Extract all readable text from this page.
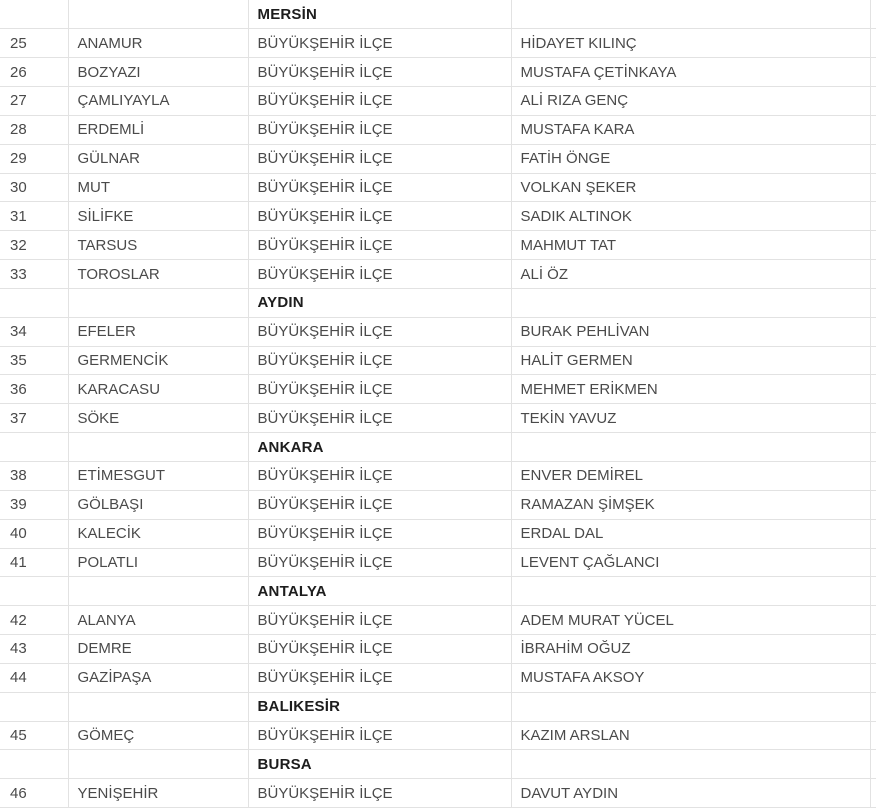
		MERSİN		
25	ANAMUR	BÜYÜKŞEHİR İLÇE	HİDAYET KILINÇ	
26	BOZYAZI	BÜYÜKŞEHİR İLÇE	MUSTAFA ÇETİNKAYA	
27	ÇAMLIYAYLA	BÜYÜKŞEHİR İLÇE	ALİ RIZA GENÇ	
28	ERDEMLİ	BÜYÜKŞEHİR İLÇE	MUSTAFA KARA	
29	GÜLNAR	BÜYÜKŞEHİR İLÇE	FATİH ÖNGE	
30	MUT	BÜYÜKŞEHİR İLÇE	VOLKAN ŞEKER	
31	SİLİFKE	BÜYÜKŞEHİR İLÇE	SADIK ALTINOK	
32	TARSUS	BÜYÜKŞEHİR İLÇE	MAHMUT TAT	
33	TOROSLAR	BÜYÜKŞEHİR İLÇE	ALİ ÖZ	
		AYDIN		
34	EFELER	BÜYÜKŞEHİR İLÇE	BURAK PEHLİVAN	
35	GERMENCİK	BÜYÜKŞEHİR İLÇE	HALİT GERMEN	
36	KARACASU	BÜYÜKŞEHİR İLÇE	MEHMET ERİKMEN	
37	SÖKE	BÜYÜKŞEHİR İLÇE	TEKİN YAVUZ	
		ANKARA		
38	ETİMESGUT	BÜYÜKŞEHİR İLÇE	ENVER DEMİREL	
39	GÖLBAŞI	BÜYÜKŞEHİR İLÇE	RAMAZAN ŞİMŞEK	
40	KALECİK	BÜYÜKŞEHİR İLÇE	ERDAL DAL	
41	POLATLI	BÜYÜKŞEHİR İLÇE	LEVENT ÇAĞLANCI	
		ANTALYA		
42	ALANYA	BÜYÜKŞEHİR İLÇE	ADEM MURAT YÜCEL	
43	DEMRE	BÜYÜKŞEHİR İLÇE	İBRAHİM OĞUZ	
44	GAZİPAŞA	BÜYÜKŞEHİR İLÇE	MUSTAFA AKSOY	
		BALIKESİR		
45	GÖMEÇ	BÜYÜKŞEHİR İLÇE	KAZIM ARSLAN	
		BURSA		
46	YENİŞEHİR	BÜYÜKŞEHİR İLÇE	DAVUT AYDIN	
